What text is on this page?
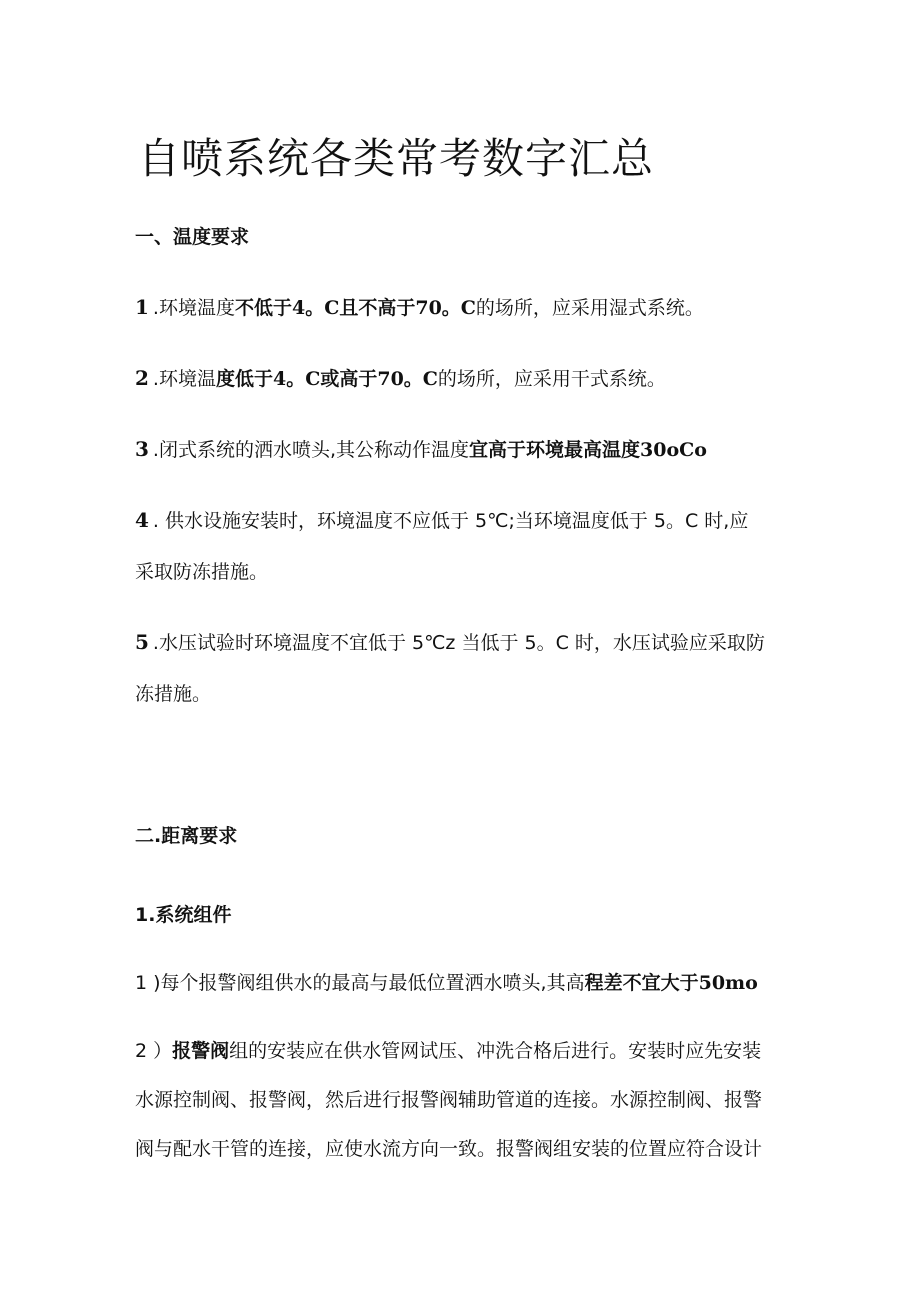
自喷系统各类常考数字汇总
一、温度要求
1 .环境温度不低于4。C且不高于70。C的场所，应采用湿式系统。
2 .环境温度低于4。C或高于70。C的场所，应采用干式系统。
3 .闭式系统的洒水喷头,其公称动作温度宜高于环境最高温度30oCo
4 . 供水设施安装时，环境温度不应低于 5℃;当环境温度低于 5。C 时,应
采取防冻措施。
5 .水压试验时环境温度不宜低于 5℃z 当低于 5。C 时，水压试验应采取防
冻措施。
二.距离要求
1.系统组件
1 )每个报警阀组供水的最高与最低位置洒水喷头,其高程差不宜大于50mo
2 ）报警阀组的安装应在供水管网试压、冲洗合格后进行。安装时应先安装
水源控制阀、报警阀，然后进行报警阀辅助管道的连接。水源控制阀、报警
阀与配水干管的连接，应使水流方向一致。报警阀组安装的位置应符合设计
